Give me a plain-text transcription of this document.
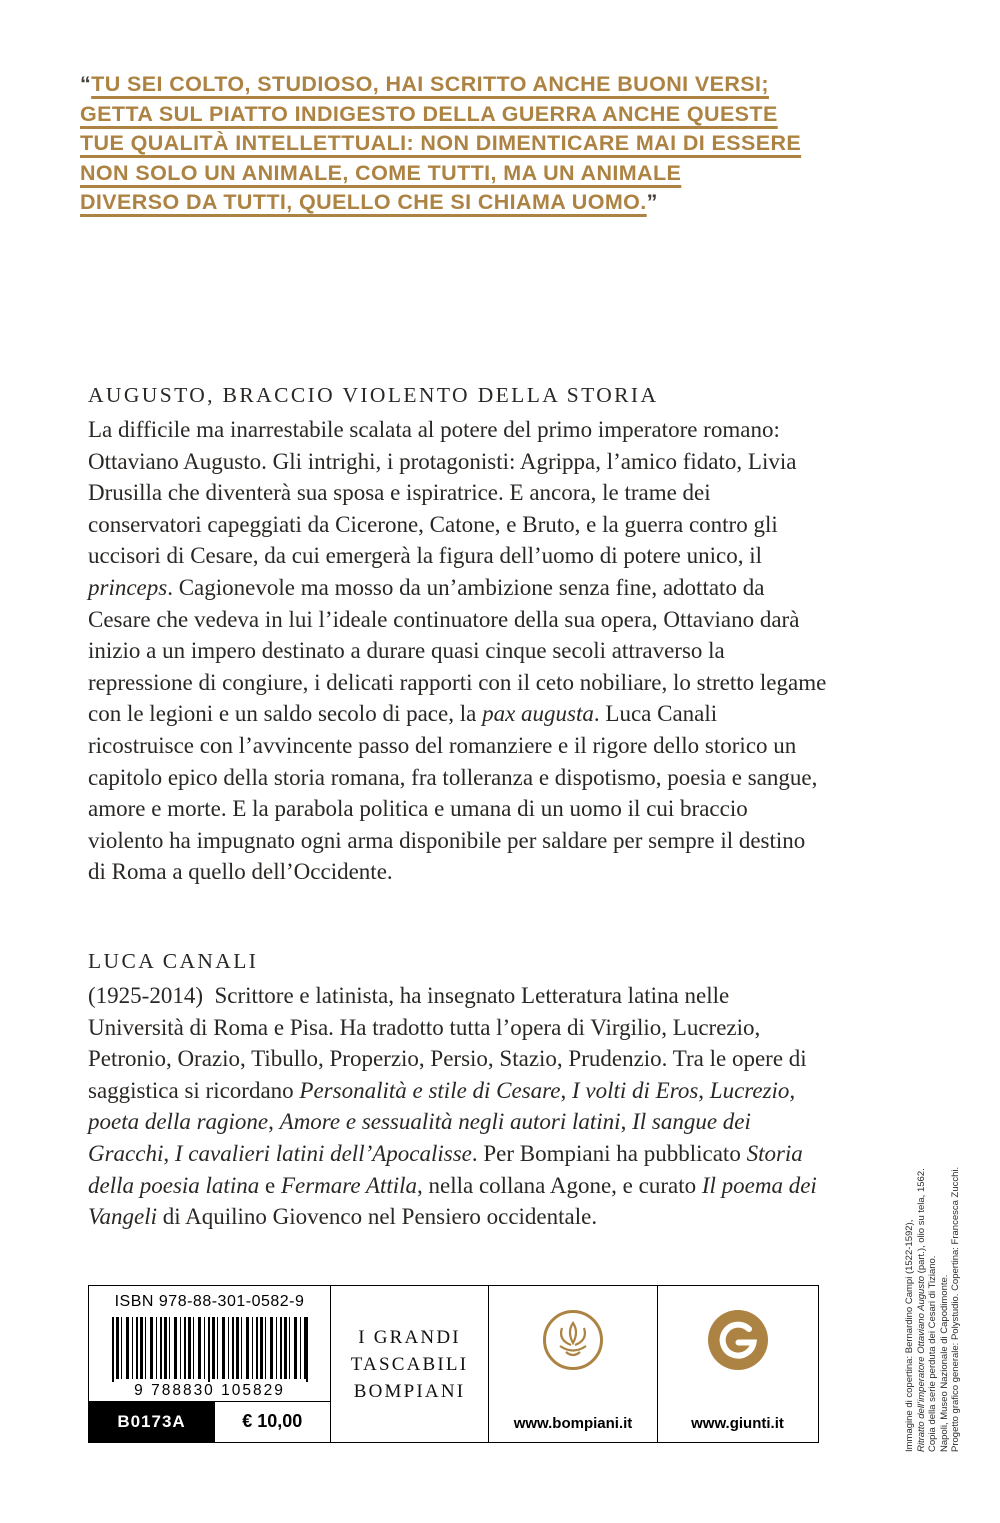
“TU SEI COLTO, STUDIOSO, HAI SCRITTO ANCHE BUONI VERSI;
GETTA SUL PIATTO INDIGESTO DELLA GUERRA ANCHE QUESTE
TUE QUALITÀ INTELLETTUALI: NON DIMENTICARE MAI DI ESSERE
NON SOLO UN ANIMALE, COME TUTTI, MA UN ANIMALE
DIVERSO DA TUTTI, QUELLO CHE SI CHIAMA UOMO.”
AUGUSTO, BRACCIO VIOLENTO DELLA STORIA

La difficile ma inarrestabile scalata al potere del primo imperatore romano: Ottaviano Augusto. Gli intrighi, i protagonisti: Agrippa, l’amico fidato, Livia Drusilla che diventerà sua sposa e ispiratrice. E ancora, le trame dei conservatori capeggiati da Cicerone, Catone, e Bruto, e la guerra contro gli uccisori di Cesare, da cui emergerà la figura dell’uomo di potere unico, il princeps. Cagionevole ma mosso da un’ambizione senza fine, adottato da Cesare che vedeva in lui l’ideale continuatore della sua opera, Ottaviano darà inizio a un impero destinato a durare quasi cinque secoli attraverso la repressione di congiure, i delicati rapporti con il ceto nobiliare, lo stretto legame con le legioni e un saldo secolo di pace, la pax augusta. Luca Canali ricostruisce con l’avvincente passo del romanziere e il rigore dello storico un capitolo epico della storia romana, fra tolleranza e dispotismo, poesia e sangue, amore e morte. E la parabola politica e umana di un uomo il cui braccio violento ha impugnato ogni arma disponibile per saldare per sempre il destino di Roma a quello dell’Occidente.

LUCA CANALI

(1925-2014)  Scrittore e latinista, ha insegnato Letteratura latina nelle Università di Roma e Pisa. Ha tradotto tutta l’opera di Virgilio, Lucrezio, Petronio, Orazio, Tibullo, Properzio, Persio, Stazio, Prudenzio. Tra le opere di saggistica si ricordano Personalità e stile di Cesare, I volti di Eros, Lucrezio, poeta della ragione, Amore e sessualità negli autori latini, Il sangue dei Gracchi, I cavalieri latini dell’Apocalisse. Per Bompiani ha pubblicato Storia della poesia latina e Fermare Attila, nella collana Agone, e curato Il poema dei Vangeli di Aquilino Giovenco nel Pensiero occidentale.

ISBN 978-88-301-0582-9
9 788830 105829
B0173A	€ 10,00
I GRANDI
TASCABILI
BOMPIANI
www.bompiani.it	www.giunti.it	Immagine di copertina: Bernardino Campi (1522-1592), Ritratto dell’imperatore Ottaviano Augusto (part.), olio su tela, 1562.
Copia della serie perduta dei Cesari di Tiziano. Napoli, Museo Nazionale di Capodimonte. Progetto grafico generale: Polystudio. Copertina: Francesca Zucchi.
